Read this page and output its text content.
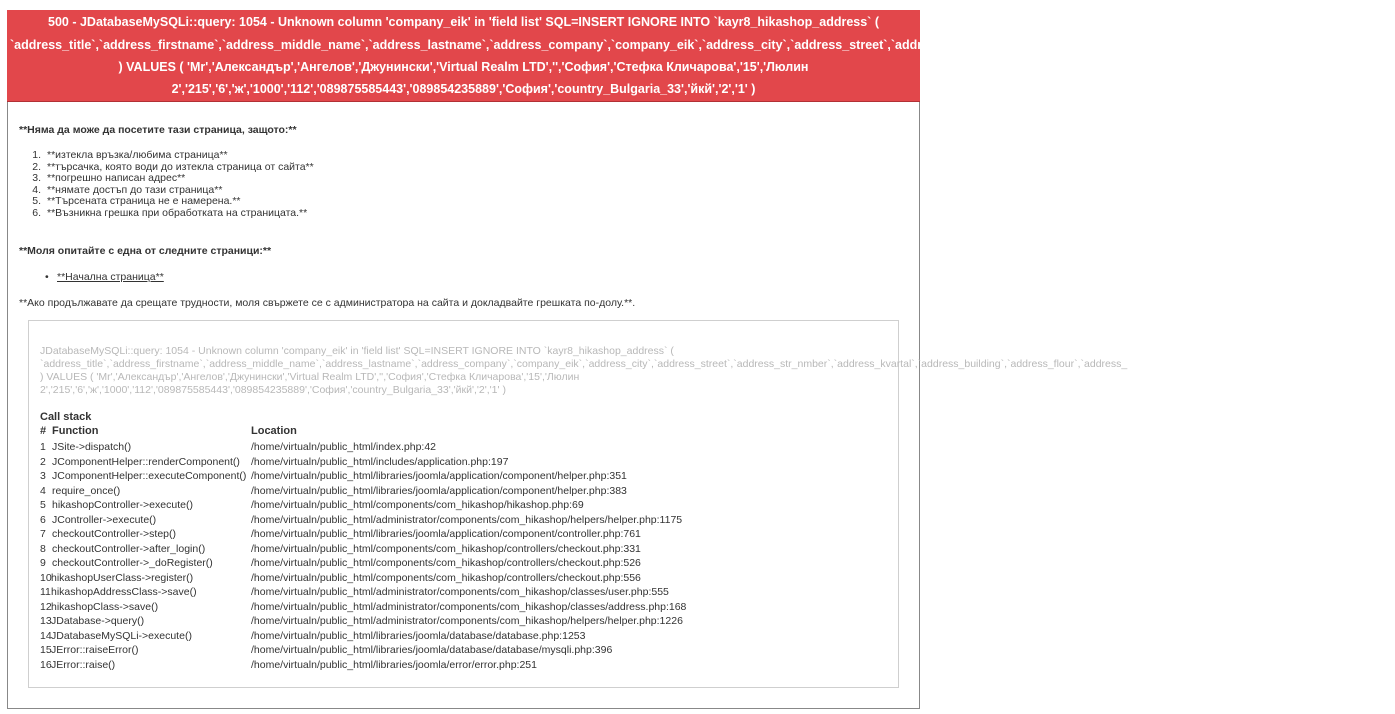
500 - JDatabaseMySQLi::query: 1054 - Unknown column 'company_eik' in 'field list' SQL=INSERT IGNORE INTO `kayr8_hikashop_address` (
`address_title`,`address_firstname`,`address_middle_name`,`address_lastname`,`address_company`,`company_eik`,`address_city`,`address_street`,`address_str_nmber`,`address_kvartal`,`address_building`,`address_flour`,`address_
) VALUES ( 'Mr','Александър','Ангелов','Джунински','Virtual Realm LTD','','София','Стефка Кличарова','15','Люлин
2','215','6','ж','1000','112','089875585443','089854235889','София','country_Bulgaria_33','йкй','2','1' )
**Няма да може да посетите тази страница, защото:**
1. **изтекла връзка/любима страница**
2. **търсачка, която води до изтекла страница от сайта**
3. **погрешно написан адрес**
4. **нямате достъп до тази страница**
5. **Търсената страница не е намерена.**
6. **Възникна грешка при обработката на страницата.**
**Моля опитайте с една от следните страници:**
• **Начална страница**
**Ако продължавате да срещате трудности, моля свържете се с администратора на сайта и докладвайте грешката по-долу.**.
JDatabaseMySQLi::query: 1054 - Unknown column 'company_eik' in 'field list' SQL=INSERT IGNORE INTO `kayr8_hikashop_address` (
`address_title`,`address_firstname`,`address_middle_name`,`address_lastname`,`address_company`,`company_eik`,`address_city`,`address_street`,`address_str_nmber`,`address_kvartal`,`address_building`,`address_flour`,`address_
) VALUES ( 'Mr','Александър','Ангелов','Джунински','Virtual Realm LTD','','София','Стефка Кличарова','15','Люлин
2','215','6','ж','1000','112','089875585443','089854235889','София','country_Bulgaria_33','йкй','2','1' )
Call stack
# Function	Location
1 JSite->dispatch()	/home/virtualn/public_html/index.php:42
2 JComponentHelper::renderComponent() /home/virtualn/public_html/includes/application.php:197
3 JComponentHelper::executeComponent() /home/virtualn/public_html/libraries/joomla/application/component/helper.php:351
4 require_once()	/home/virtualn/public_html/libraries/joomla/application/component/helper.php:383
5 hikashopController->execute()	/home/virtualn/public_html/components/com_hikashop/hikashop.php:69
6 JController->execute()	/home/virtualn/public_html/administrator/components/com_hikashop/helpers/helper.php:1175
7 checkoutController->step()	/home/virtualn/public_html/libraries/joomla/application/component/controller.php:761
8 checkoutController->after_login()	/home/virtualn/public_html/components/com_hikashop/controllers/checkout.php:331
9 checkoutController->_doRegister()	/home/virtualn/public_html/components/com_hikashop/controllers/checkout.php:526
10 hikashopUserClass->register()	/home/virtualn/public_html/components/com_hikashop/controllers/checkout.php:556
11 hikashopAddressClass->save()	/home/virtualn/public_html/administrator/components/com_hikashop/classes/user.php:555
12 hikashopClass->save()	/home/virtualn/public_html/administrator/components/com_hikashop/classes/address.php:168
13 JDatabase->query()	/home/virtualn/public_html/administrator/components/com_hikashop/helpers/helper.php:1226
14 JDatabaseMySQLi->execute()	/home/virtualn/public_html/libraries/joomla/database/database.php:1253
15 JError::raiseError()	/home/virtualn/public_html/libraries/joomla/database/database/mysqli.php:396
16 JError::raise()	/home/virtualn/public_html/libraries/joomla/error/error.php:251
